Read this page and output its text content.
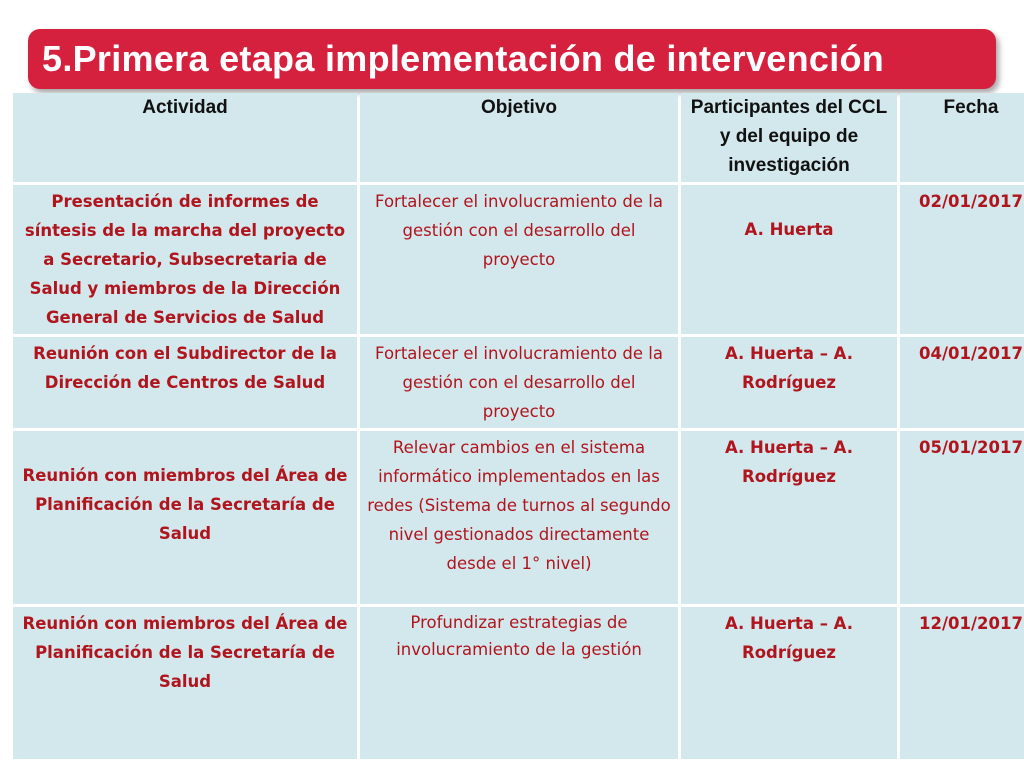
5.Primera etapa implementación de intervención
Actividad	Objetivo	Participantes del CCL y del equipo de investigación	Fecha
Presentación de informes de síntesis de la marcha del proyecto a Secretario, Subsecretaria de Salud y miembros de la Dirección General de Servicios de Salud	Fortalecer el involucramiento de la gestión con el desarrollo del proyecto	A. Huerta	02/01/2017
Reunión con el Subdirector de la Dirección de Centros de Salud	Fortalecer el involucramiento de la gestión con el desarrollo del proyecto	A. Huerta – A. Rodríguez	04/01/2017
Reunión con miembros del Área de Planificación de la Secretaría de Salud	Relevar cambios en el sistema informático implementados en las redes (Sistema de turnos al segundo nivel gestionados directamente desde el 1° nivel)	A. Huerta – A. Rodríguez	05/01/2017
Reunión con miembros del Área de Planificación de la Secretaría de Salud	Profundizar estrategias de involucramiento de la gestión	A. Huerta – A. Rodríguez	12/01/2017
